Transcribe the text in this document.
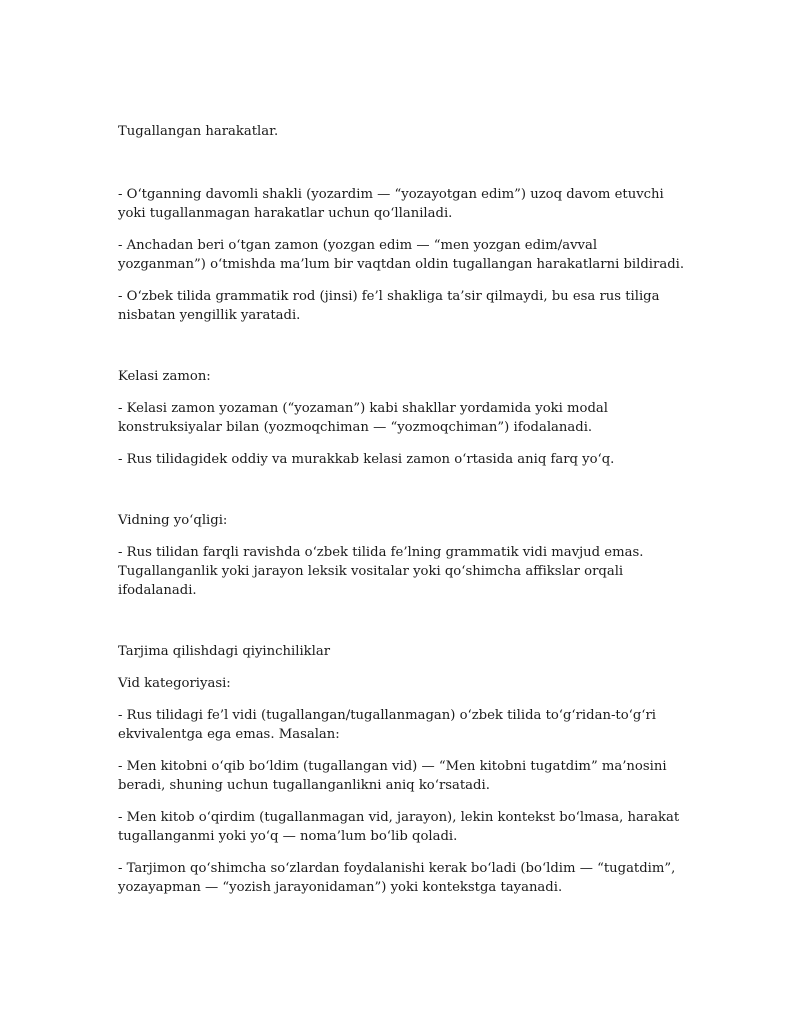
Tugallangan harakatlar.

- O‘tganning davomli shakli (yozardim — “yozayotgan edim”) uzoq davom etuvchi yoki tugallanmagan harakatlar uchun qo‘llaniladi.

- Anchadan beri o‘tgan zamon (yozgan edim — “men yozgan edim/avval yozganman”) o‘tmishda ma’lum bir vaqtdan oldin tugallangan harakatlarni bildiradi.

- O‘zbek tilida grammatik rod (jinsi) fe’l shakliga ta’sir qilmaydi, bu esa rus tiliga nisbatan yengillik yaratadi.

Kelasi zamon:

- Kelasi zamon yozaman (“yozaman”) kabi shakllar yordamida yoki modal konstruksiyalar bilan (yozmoqchiman — “yozmoqchiman”) ifodalanadi.

- Rus tilidagidek oddiy va murakkab kelasi zamon o‘rtasida aniq farq yo‘q.

Vidning yo‘qligi:

- Rus tilidan farqli ravishda o‘zbek tilida fe’lning grammatik vidi mavjud emas. Tugallanganlik yoki jarayon leksik vositalar yoki qo‘shimcha affikslar orqali ifodalanadi.

Tarjima qilishdagi qiyinchiliklar

Vid kategoriyasi:

- Rus tilidagi fe’l vidi (tugallangan/tugallanmagan) o‘zbek tilida to‘g‘ridan-to‘g‘ri ekvivalentga ega emas. Masalan:

- Men kitobni o‘qib bo‘ldim (tugallangan vid) — “Men kitobni tugatdim” ma’nosini beradi, shuning uchun tugallanganlikni aniq ko‘rsatadi.

- Men kitob o‘qirdim (tugallanmagan vid, jarayon), lekin kontekst bo‘lmasa, harakat tugallanganmi yoki yo‘q — noma’lum bo‘lib qoladi.

- Tarjimon qo‘shimcha so‘zlardan foydalanishi kerak bo‘ladi (bo‘ldim — “tugatdim”, yozayapman — “yozish jarayonidaman”) yoki kontekstga tayanadi.
